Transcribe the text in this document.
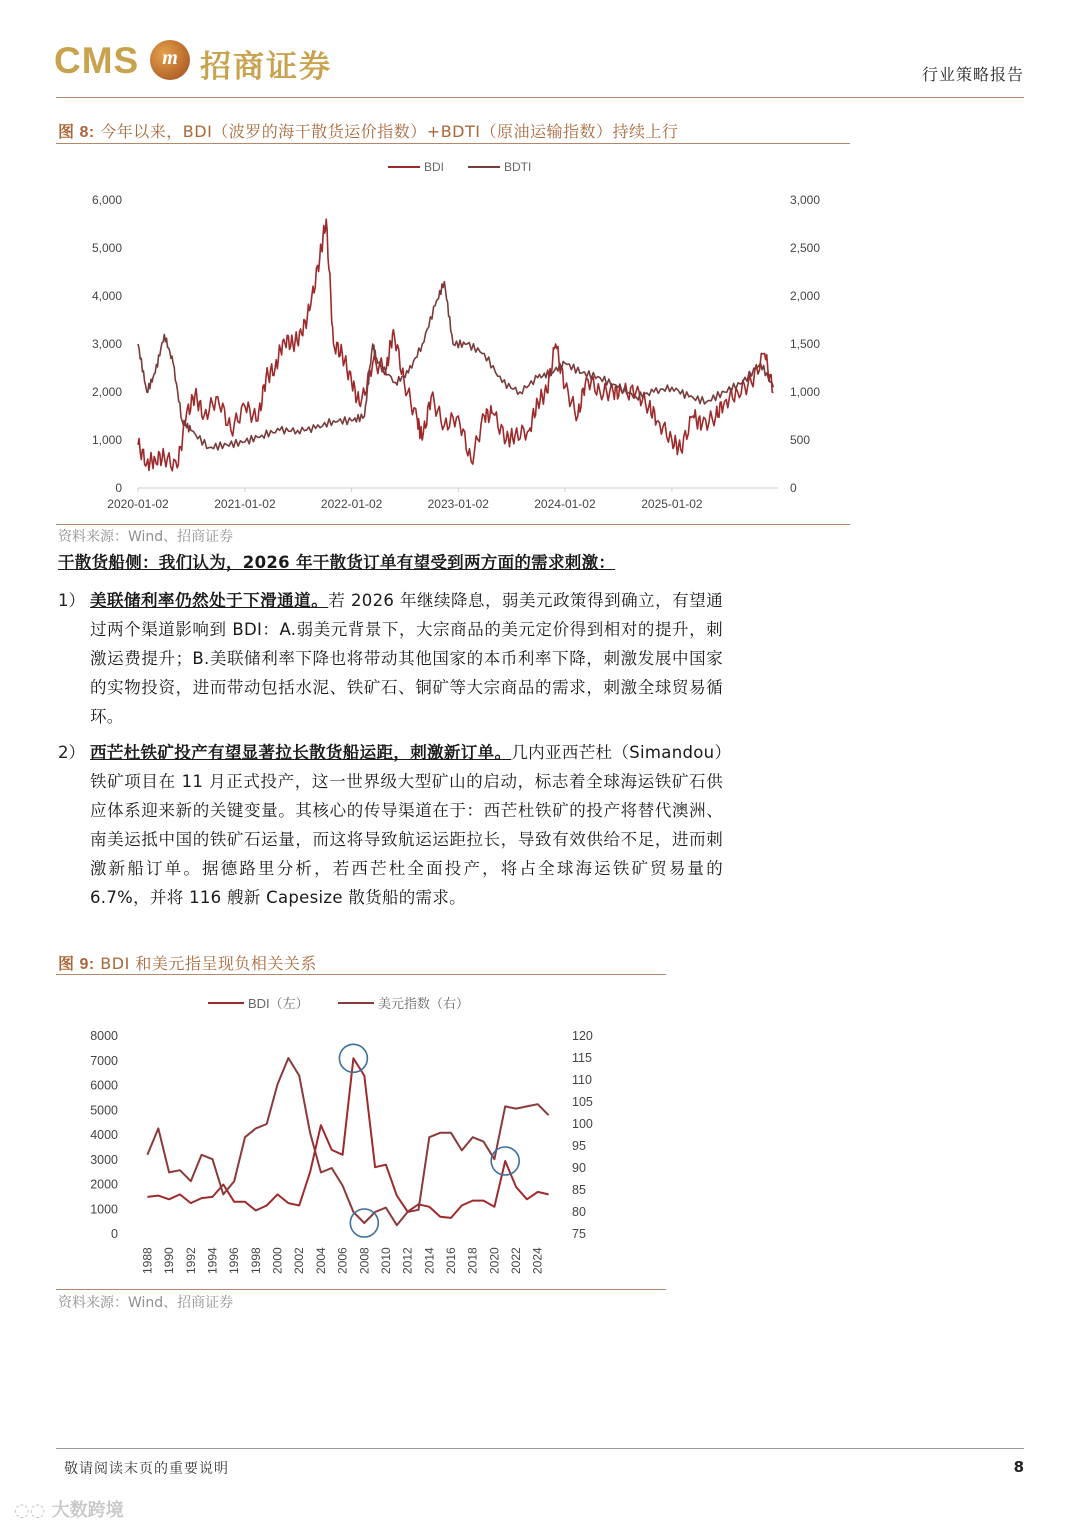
CMS	m 招商证券	行业策略报告
图 8: 今年以来，BDI（波罗的海干散货运价指数）+BDTI（原油运输指数）持续上行
BDI	BDTI
0
1,000
2,000
3,000
4,000
5,000
6,000
0
500
1,000
1,500
2,000
2,500
3,000
2020-01-02	2021-01-02	2022-01-02	2023-01-02	2024-01-02	2025-01-02
资料来源：Wind、招商证券
干散货船侧：我们认为，2026 年干散货订单有望受到两方面的需求刺激：
1） 美联储利率仍然处于下滑通道。若 2026 年继续降息，弱美元政策得到确立，有望通过两个渠道影响到 BDI：A.弱美元背景下，大宗商品的美元定价得到相对的提升，刺激运费提升；B.美联储利率下降也将带动其他国家的本币利率下降，刺激发展中国家的实物投资，进而带动包括水泥、铁矿石、铜矿等大宗商品的需求，刺激全球贸易循环。
2） 西芒杜铁矿投产有望显著拉长散货船运距，刺激新订单。几内亚西芒杜（Simandou）铁矿项目在 11 月正式投产，这一世界级大型矿山的启动，标志着全球海运铁矿石供应体系迎来新的关键变量。其核心的传导渠道在于：西芒杜铁矿的投产将替代澳洲、南美运抵中国的铁矿石运量，而这将导致航运运距拉长，导致有效供给不足，进而刺激新船订单。据德路里分析，若西芒杜全面投产，将占全球海运铁矿贸易量的 6.7%，并将 116 艘新 Capesize 散货船的需求。
图 9: BDI 和美元指呈现负相关关系
BDI（左）	美元指数（右）
0
1000
2000
3000
4000
5000
6000
7000
8000
75
80
85
90
95
100
105
110
115
120
1988 1990 1992 1994 1996 1998 2000 2002 2004 2006 2008 2010 2012 2014 2016 2018 2020 2022 2024
资料来源：Wind、招商证券
敬请阅读末页的重要说明	8
◌◌ 大数跨境
